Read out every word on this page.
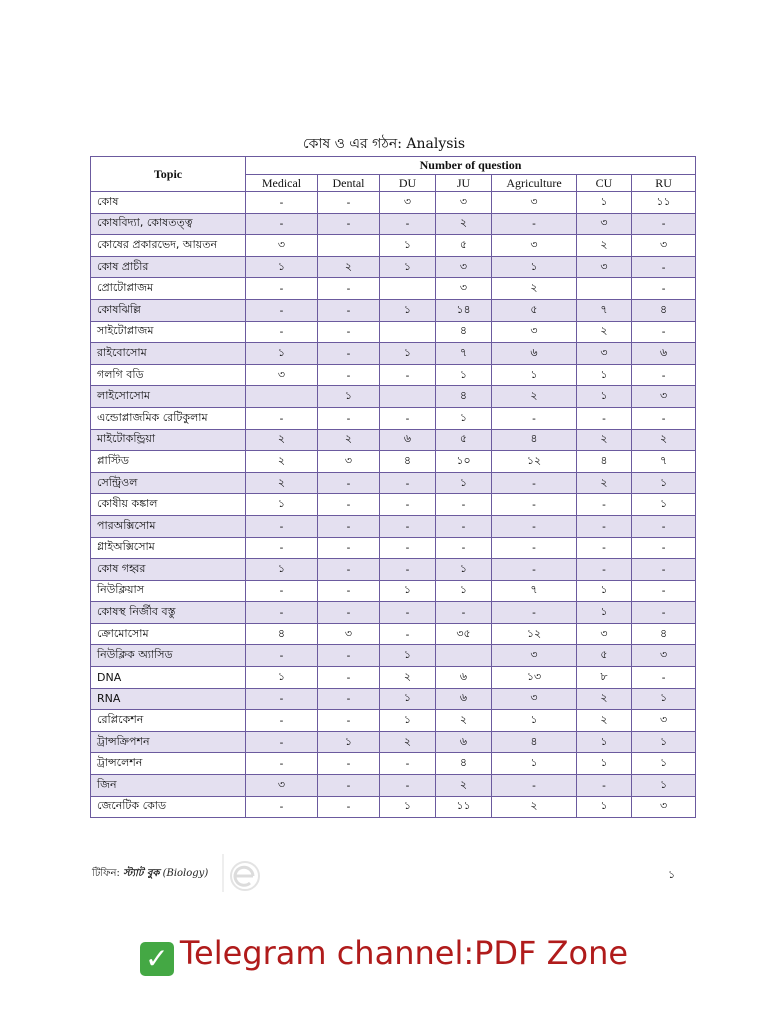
কোষ ও এর গঠন: Analysis
Topic	Number of question						
	Medical	Dental	DU	JU	Agriculture	CU	RU
কোষ	-	-	৩	৩	৩	১	১১
কোষবিদ্যা, কোষতত্ত্ব	-	-	-	২	-	৩	-
কোষের প্রকারভেদ, আয়তন	৩		১	৫	৩	২	৩
কোষ প্রাচীর	১	২	১	৩	১	৩	-
প্রোটোপ্লাজম	-	-		৩	২		-
কোষঝিল্লি	-	-	১	১৪	৫	৭	৪
সাইটোপ্লাজম	-	-		৪	৩	২	-
রাইবোসোম	১	-	১	৭	৬	৩	৬
গলগি বডি	৩	-	-	১	১	১	-
লাইসোসোম		১		৪	২	১	৩
এন্ডোপ্লাজমিক রেটিকুলাম	-	-	-	১	-	-	-
মাইটোকন্ড্রিয়া	২	২	৬	৫	৪	২	২
প্লাস্টিড	২	৩	৪	১০	১২	৪	৭
সেন্ট্রিওল	২	-	-	১	-	২	১
কোষীয় কঙ্কাল	১	-	-	-	-	-	১
পারঅক্সিসোম	-	-	-	-	-	-	-
গ্লাইঅক্সিসোম	-	-	-	-	-	-	-
কোষ গহ্বর	১	-	-	১	-	-	-
নিউক্লিয়াস	-	-	১	১	৭	১	-
কোষস্থ নির্জীব বস্তু	-	-	-	-	-	১	-
ক্রোমোসোম	৪	৩	-	৩৫	১২	৩	৪
নিউক্লিক অ্যাসিড	-	-	১		৩	৫	৩
DNA	১	-	২	৬	১৩	৮	-
RNA	-	-	১	৬	৩	২	১
রেপ্লিকেশন	-	-	১	২	১	২	৩
ট্রান্সক্রিপশন	-	১	২	৬	৪	১	১
ট্রান্সলেশন	-	-	-	৪	১	১	১
জিন	৩	-	-	২	-	-	১
জেনেটিক কোড	-	-	১	১১	২	১	৩
টিফিন: স্ট্যাট বুক (Biology)	১
✓ Telegram channel:PDF Zone
